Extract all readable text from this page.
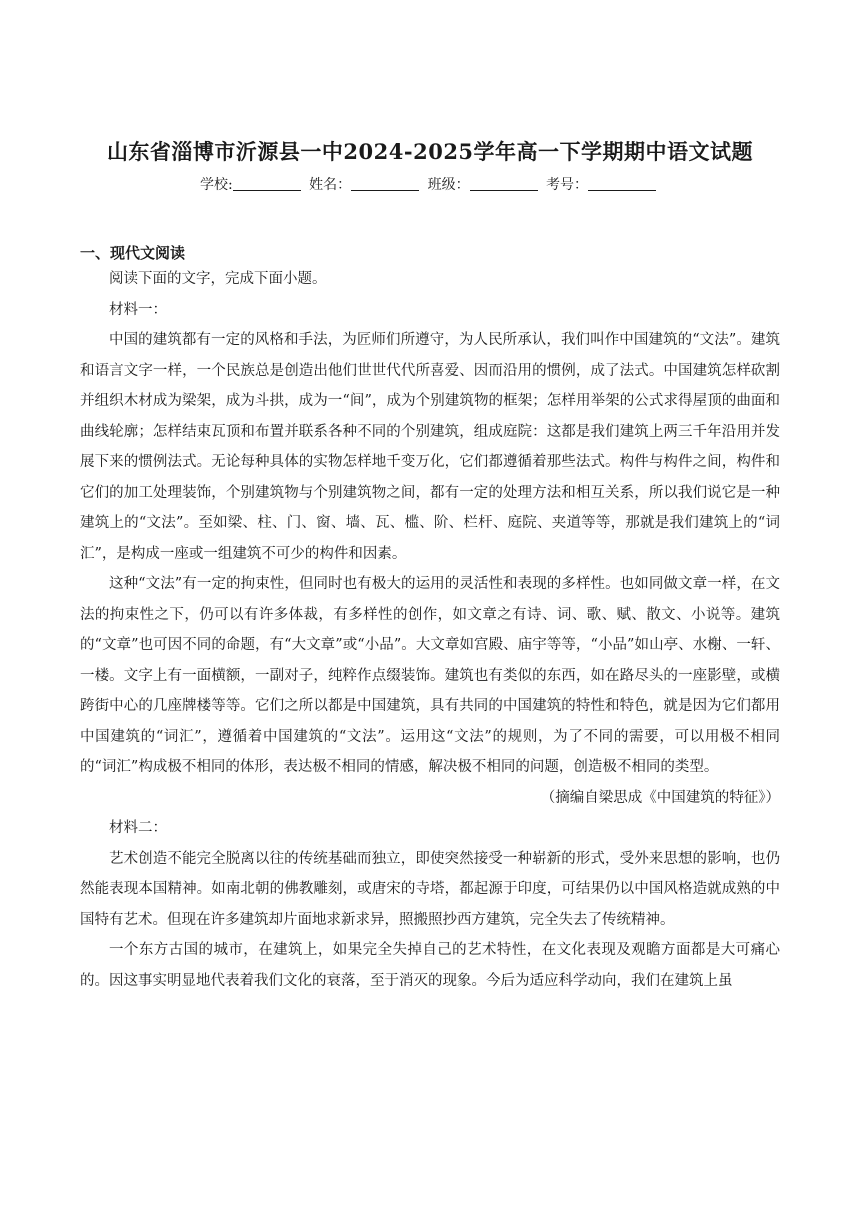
山东省淄博市沂源县一中2024-2025学年高一下学期期中语文试题
学校:	姓名：	班级：	考号：
一、现代文阅读

阅读下面的文字，完成下面小题。

材料一：

中国的建筑都有一定的风格和手法，为匠师们所遵守，为人民所承认，我们叫作中国建筑的“文法”。建筑和语言文字一样，一个民族总是创造出他们世世代代所喜爱、因而沿用的惯例，成了法式。中国建筑怎样砍割并组织木材成为梁架，成为斗拱，成为一“间”，成为个别建筑物的框架；怎样用举架的公式求得屋顶的曲面和曲线轮廓；怎样结束瓦顶和布置并联系各种不同的个别建筑，组成庭院：这都是我们建筑上两三千年沿用并发展下来的惯例法式。无论每种具体的实物怎样地千变万化，它们都遵循着那些法式。构件与构件之间，构件和它们的加工处理装饰，个别建筑物与个别建筑物之间，都有一定的处理方法和相互关系，所以我们说它是一种建筑上的“文法”。至如梁、柱、门、窗、墙、瓦、槛、阶、栏杆、庭院、夹道等等，那就是我们建筑上的“词汇”，是构成一座或一组建筑不可少的构件和因素。

这种“文法”有一定的拘束性，但同时也有极大的运用的灵活性和表现的多样性。也如同做文章一样，在文法的拘束性之下，仍可以有许多体裁，有多样性的创作，如文章之有诗、词、歌、赋、散文、小说等。建筑的“文章”也可因不同的命题，有“大文章”或“小品”。大文章如宫殿、庙宇等等，“小品”如山亭、水榭、一轩、一楼。文字上有一面横额，一副对子，纯粹作点缀装饰。建筑也有类似的东西，如在路尽头的一座影壁，或横跨街中心的几座牌楼等等。它们之所以都是中国建筑，具有共同的中国建筑的特性和特色，就是因为它们都用中国建筑的“词汇”，遵循着中国建筑的“文法”。运用这“文法”的规则，为了不同的需要，可以用极不相同的“词汇”构成极不相同的体形，表达极不相同的情感，解决极不相同的问题，创造极不相同的类型。

（摘编自梁思成《中国建筑的特征》）

材料二：

艺术创造不能完全脱离以往的传统基础而独立，即使突然接受一种崭新的形式，受外来思想的影响，也仍然能表现本国精神。如南北朝的佛教雕刻，或唐宋的寺塔，都起源于印度，可结果仍以中国风格造就成熟的中国特有艺术。但现在许多建筑却片面地求新求异，照搬照抄西方建筑，完全失去了传统精神。

一个东方古国的城市，在建筑上，如果完全失掉自己的艺术特性，在文化表现及观瞻方面都是大可痛心的。因这事实明显地代表着我们文化的衰落，至于消灭的现象。今后为适应科学动向，我们在建筑上虽
